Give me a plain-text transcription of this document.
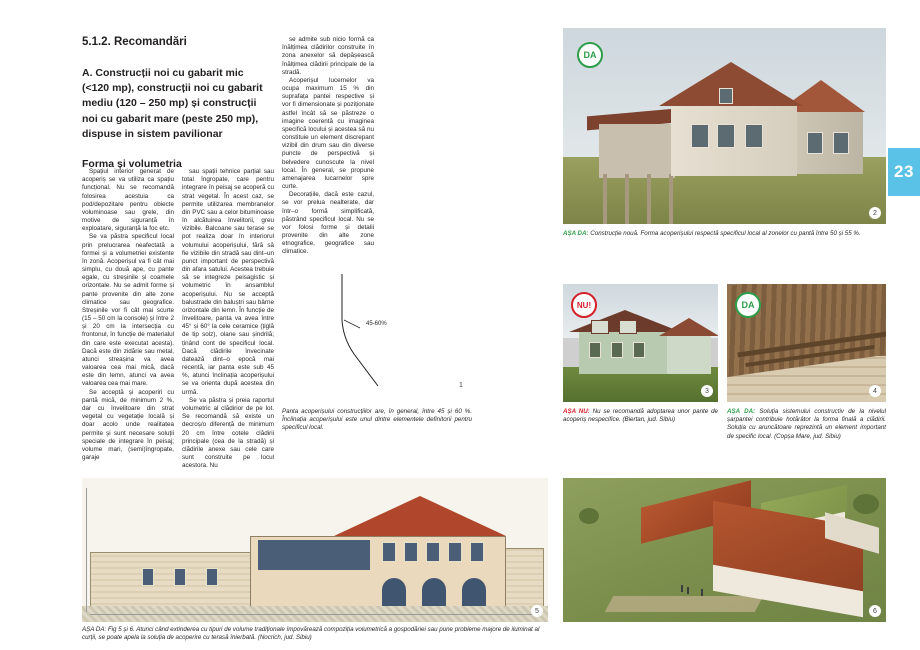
23
5.1.2. Recomandări
A. Construcții noi cu gabarit mic (<120 mp), construcții noi cu gabarit mediu (120 – 250 mp) și construcții noi cu gabarit mare (peste 250 mp), dispuse in sistem pavilionar
Forma și volumetria

Spațiul interior generat de acoperiș se va utiliza ca spațiu funcțional. Nu se recomandă folosirea acestuia ca pod/depozitare pentru obiecte voluminoase sau grele, din motive de siguranță în exploatare, siguranță la foc etc.

Se va păstra specificul local prin prelucrarea neafectată a formei și a volumetriei existente în zonă. Acoperișul va fi cât mai simplu, cu două ape, cu pante egale, cu streșinile și coamele orizontale. Nu se admit forme și pante provenite din alte zone climatice sau geografice. Streșinile vor fi cât mai scurte (15 – 50 cm la console) și între 2 și 20 cm la intersecția cu frontonul, în funcție de materialul din care este executat acesta). Dacă este din zidărie sau metal, atunci streașina va avea valoarea cea mai mică, dacă este din lemn, atunci va avea valoarea cea mai mare.

Se acceptă și acoperiri cu pantă mică, de minimum 2 %, dar cu învelitoare din strat vegetal cu vegetație locală și doar acolo unde realitatea permite și sunt necesare soluții speciale de integrare în peisaj; volume mari, (semi)îngropate, garaje

sau spații tehnice parțial sau total îngropate, care pentru integrare în peisaj se acoperă cu strat vegetal. În acest caz, se permite utilizarea membranelor din PVC sau a celor bituminoase în alcătuirea învelitorii, greu vizibile. Balcoane sau terase se pot realiza doar în interiorul volumului acoperișului, fără să fie vizibile din stradă sau dint–un punct important de perspectivă din afara satului. Acestea trebuie să se integreze peisagistic și volumetric în ansamblul acoperișului. Nu se acceptă balustrade din baluștri sau bârne orizontale din lemn. În funcție de învelitoare, panta va avea între 45° și 60° la cele ceramice (țiglă de tip solz), olane sau șindrilă; ținând cont de specificul local. Dacă clădirile învecinate datează dint–o epocă mai recentă, iar panta este sub 45 %, atunci înclinația acoperișului se va orienta după acestea din urmă.

Se va păstra și preia raportul volumetric al clădirior de pe lot. Se recomandă să existe un decroș/o diferență de minimum 20 cm între cotele clădirii principale (cea de la stradă) și clădirile anexe sau cele care sunt construite pe locul acestora. Nu

se admite sub nicio formă ca înălțimea clădirilor construite în zona anexelor să depășească înălțimea clădirii principale de la stradă.

Acoperișul lucernelor va ocupa maximum 15 % din suprafața pantei respective și vor fi dimensionate și poziționate astfel încât să se păstreze o imagine coerentă cu imaginea specifică locului și acestea să nu constituie un element discrepant vizibil din drum sau din diverse puncte de perspectivă și belvedere cunoscute la nivel local. În general, se propune amenajarea lucarnelor spre curte.

Decorațiile, dacă este cazul, se vor prelua nealterate, dar într–o formă simplificată, păstrând specificul local. Nu se vor folosi forme și detalii provenite din alte zone etnografice, geografice sau climatice.

DA
2
AȘA DA: Construcție nouă. Forma acoperișului respectă specificul local al zonelor cu pantă între 50 și 55 %.
45-60%
1
Panta acoperișului construcțiilor are, în general, între 45 și 60 %. Înclinația acoperișului este unul dintre elementele definitorii pentru specificul local.
NU!
3
AȘA NU: Nu se recomandă adoptarea unor pante de acoperiș nespecifice. (Biertan, jud. Sibiu)
DA
4
AȘA DA: Soluția sistemului constructiv de la nivelul șarpantei contribuie hotărâtor la forma finală a clădirii. Soluția cu aruncătoare reprezintă un element important de specific local. (Copșa Mare, jud. Sibiu)
5	6
AȘA DA: Fig 5 și 6. Atunci când extinderea cu tipuri de volume tradiționale împovărează compoziția volumetrică a gospodăriei sau pune probleme majore de iluminat al curții, se poate apela la soluția de acoperire cu terasă înierbată. (Nocrich, jud. Sibiu)
